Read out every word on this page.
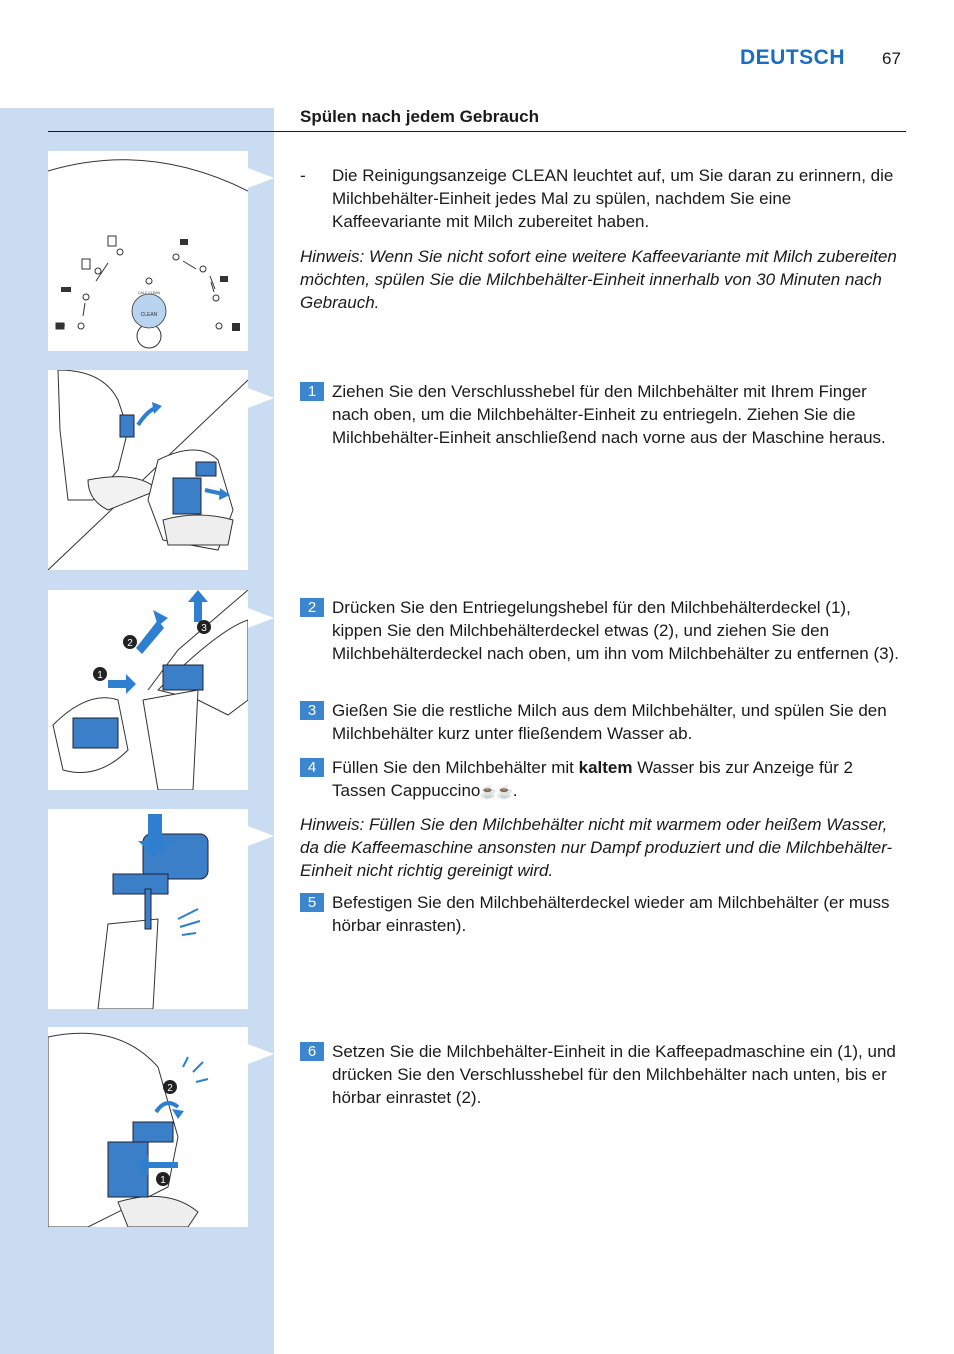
DEUTSCH 67
Spülen nach jedem Gebrauch
CLEAN
CALC CLEAN
2
3
1
2
1
- Die Reinigungsanzeige CLEAN leuchtet auf, um Sie daran zu erinnern, die Milchbehälter-Einheit jedes Mal zu spülen, nachdem Sie eine Kaffeevariante mit Milch zubereitet haben.

Hinweis: Wenn Sie nicht sofort eine weitere Kaffeevariante mit Milch zubereiten möchten, spülen Sie die Milchbehälter-Einheit innerhalb von 30 Minuten nach Gebrauch.
1 Ziehen Sie den Verschlusshebel für den Milchbehälter mit Ihrem Finger nach oben, um die Milchbehälter-Einheit zu entriegeln. Ziehen Sie die Milchbehälter-Einheit anschließend nach vorne aus der Maschine heraus.

2 Drücken Sie den Entriegelungshebel für den Milchbehälterdeckel (1), kippen Sie den Milchbehälterdeckel etwas (2), und ziehen Sie den Milchbehälterdeckel nach oben, um ihn vom Milchbehälter zu entfernen (3).

3 Gießen Sie die restliche Milch aus dem Milchbehälter, und spülen Sie den Milchbehälter kurz unter fließendem Wasser ab.

4 Füllen Sie den Milchbehälter mit kaltem Wasser bis zur Anzeige für 2 Tassen Cappuccino☕☕.

Hinweis: Füllen Sie den Milchbehälter nicht mit warmem oder heißem Wasser, da die Kaffeemaschine ansonsten nur Dampf produziert und die Milchbehälter-Einheit nicht richtig gereinigt wird.
5 Befestigen Sie den Milchbehälterdeckel wieder am Milchbehälter (er muss hörbar einrasten).

6 Setzen Sie die Milchbehälter-Einheit in die Kaffeepadmaschine ein (1), und drücken Sie den Verschlusshebel für den Milchbehälter nach unten, bis er hörbar einrastet (2).
